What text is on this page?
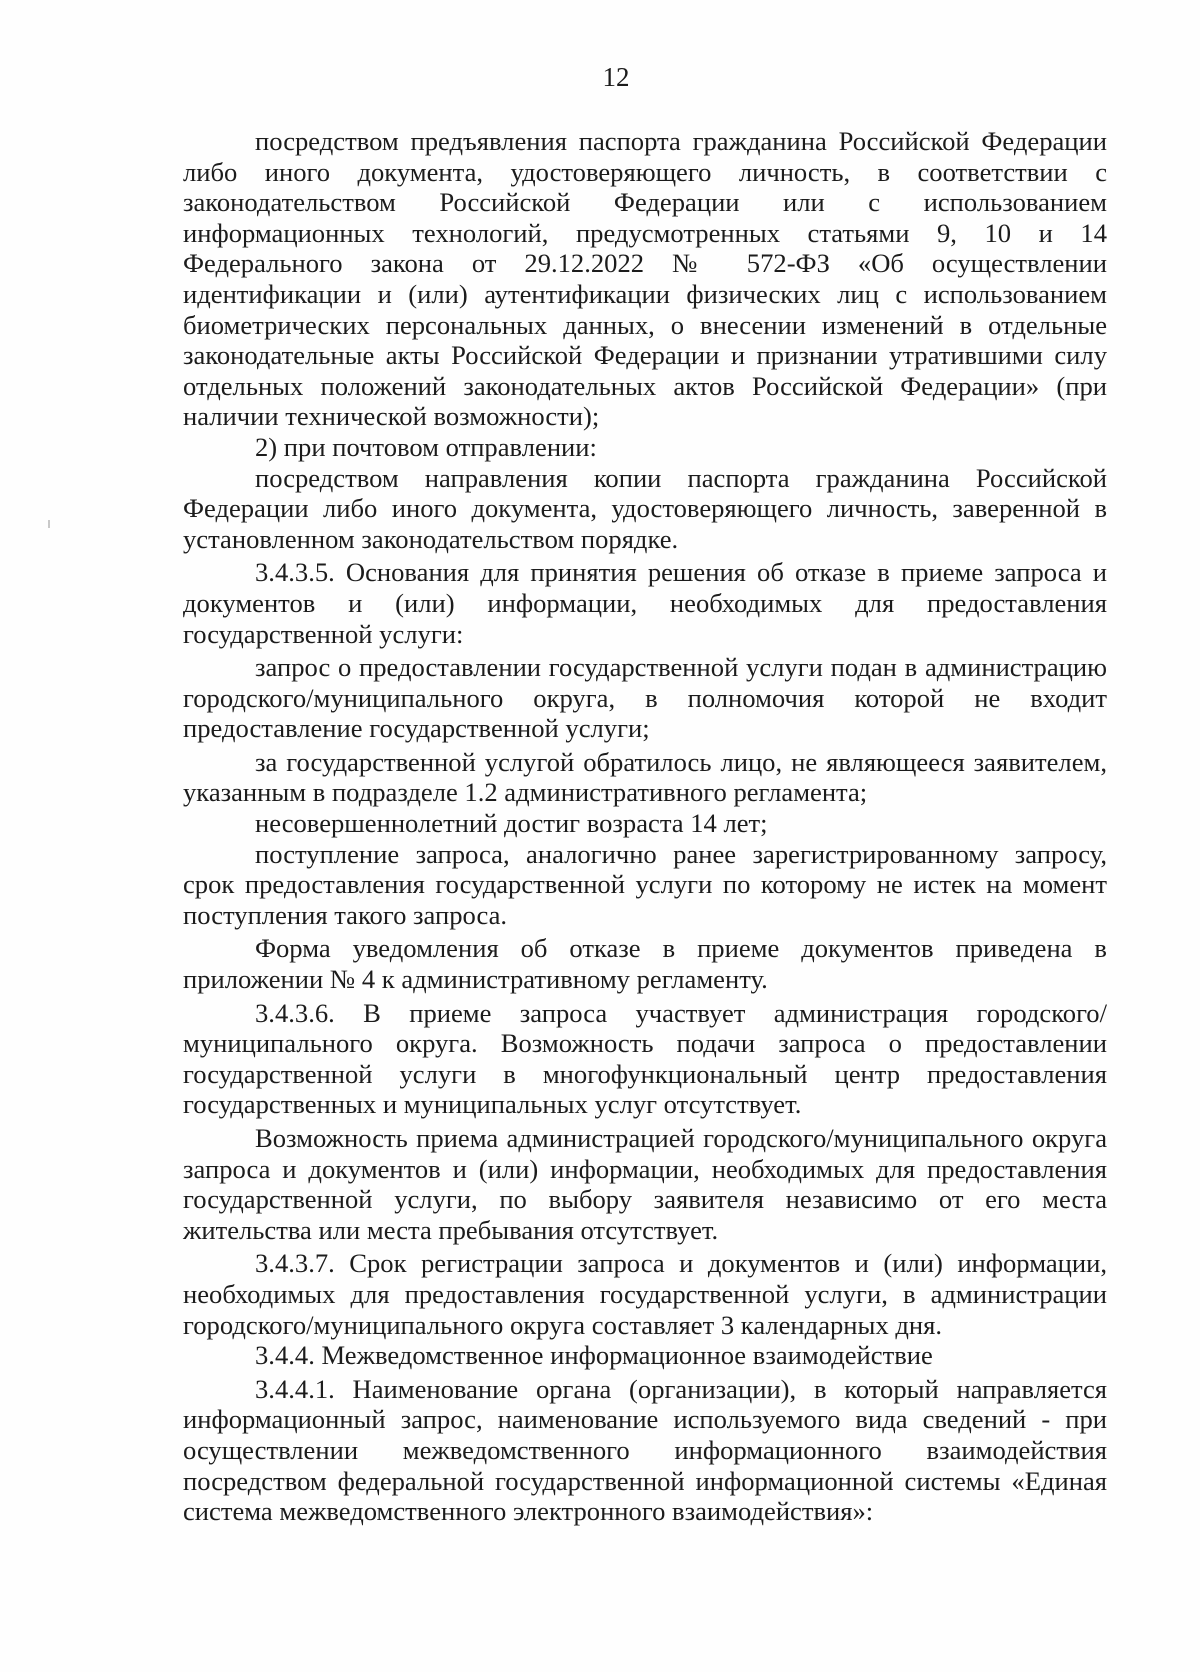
12

посредством предъявления паспорта гражданина Российской Федерации либо иного документа, удостоверяющего личность, в соответствии с законодательством Российской Федерации или с использованием информационных технологий, предусмотренных статьями 9, 10 и 14 Федерального закона от 29.12.2022 № 572-ФЗ «Об осуществлении идентификации и (или) аутентификации физических лиц с использованием биометрических персональных данных, о внесении изменений в отдельные законодательные акты Российской Федерации и признании утратившими силу отдельных положений законодательных актов Российской Федерации» (при наличии технической возможности);

2) при почтовом отправлении:

посредством направления копии паспорта гражданина Российской Федерации либо иного документа, удостоверяющего личность, заверенной в установленном законодательством порядке.

3.4.3.5. Основания для принятия решения об отказе в приеме запроса и документов и (или) информации, необходимых для предоставления государственной услуги:

запрос о предоставлении государственной услуги подан в администрацию городского/муниципального округа, в полномочия которой не входит предоставление государственной услуги;

за государственной услугой обратилось лицо, не являющееся заявителем, указанным в подразделе 1.2 административного регламента;

несовершеннолетний достиг возраста 14 лет;

поступление запроса, аналогично ранее зарегистрированному запросу, срок предоставления государственной услуги по которому не истек на момент поступления такого запроса.

Форма уведомления об отказе в приеме документов приведена в приложении № 4 к административному регламенту.

3.4.3.6. В приеме запроса участвует администрация городского/муниципального округа. Возможность подачи запроса о предоставлении государственной услуги в многофункциональный центр предоставления государственных и муниципальных услуг отсутствует.

Возможность приема администрацией городского/муниципального округа запроса и документов и (или) информации, необходимых для предоставления государственной услуги, по выбору заявителя независимо от его места жительства или места пребывания отсутствует.

3.4.3.7. Срок регистрации запроса и документов и (или) информации, необходимых для предоставления государственной услуги, в администрации городского/муниципального округа составляет 3 календарных дня.

3.4.4. Межведомственное информационное взаимодействие

3.4.4.1. Наименование органа (организации), в который направляется информационный запрос, наименование используемого вида сведений - при осуществлении межведомственного информационного взаимодействия посредством федеральной государственной информационной системы «Единая система межведомственного электронного взаимодействия»:
